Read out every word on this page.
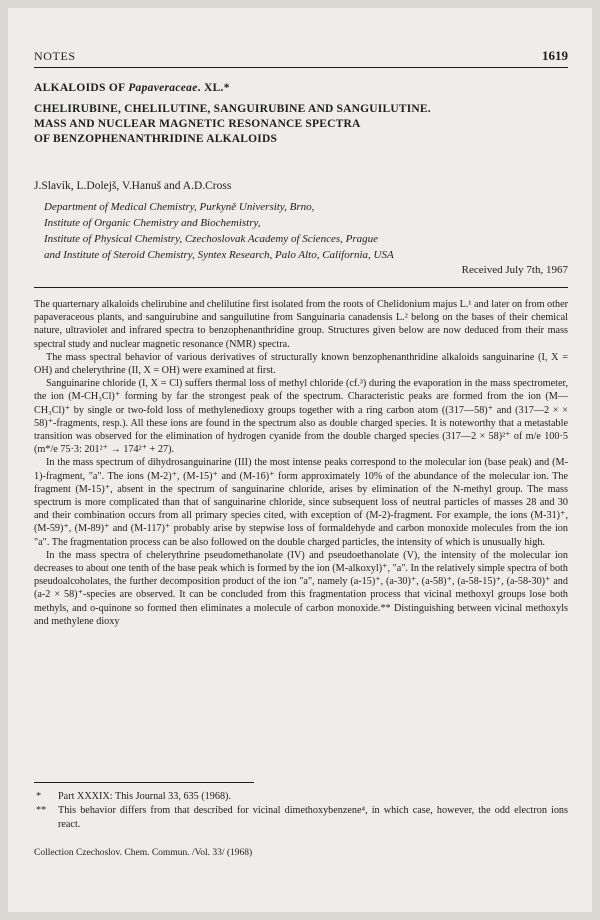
NOTES	1619

ALKALOIDS OF Papaveraceae. XL.*

CHELIRUBINE, CHELILUTINE, SANGUIRUBINE AND SANGUILUTINE.

MASS AND NUCLEAR MAGNETIC RESONANCE SPECTRA

OF BENZOPHENANTHRIDINE ALKALOIDS

J.Slavík, L.Dolejš, V.Hanuš and A.D.Cross
Department of Medical Chemistry, Purkyně University, Brno,
Institute of Organic Chemistry and Biochemistry,
Institute of Physical Chemistry, Czechoslovak Academy of Sciences, Prague
and Institute of Steroid Chemistry, Syntex Research, Palo Alto, California, USA
Received July 7th, 1967

The quarternary alkaloids chelirubine and chelilutine first isolated from the roots of Chelidonium majus L.¹ and later on from other papaveraceous plants, and sanguirubine and sanguilutine from Sanguinaria canadensis L.² belong on the bases of their chemical nature, ultraviolet and infrared spectra to benzophenanthridine group. Structures given below are now deduced from their mass spectral study and nuclear magnetic resonance (NMR) spectra.

The mass spectral behavior of various derivatives of structurally known benzophenanthridine alkaloids sanguinarine (I, X = OH) and chelerythrine (II, X = OH) were examined at first.

Sanguinarine chloride (I, X = Cl) suffers thermal loss of methyl chloride (cf.³) during the evaporation in the mass spectrometer, the ion (M-CH₃Cl)⁺ forming by far the strongest peak of the spectrum. Characteristic peaks are formed from the ion (M—CH₃Cl)⁺ by single or two-fold loss of methylenedioxy groups together with a ring carbon atom ((317—58)⁺ and (317—2 × × 58)⁺-fragments, resp.). All these ions are found in the spectrum also as double charged species. It is noteworthy that a metastable transition was observed for the elimination of hydrogen cyanide from the double charged species (317—2 × 58)²⁺ of m/e 100·5 (m*/e 75·3: 201²⁺ → 174²⁺ + 27).

In the mass spectrum of dihydrosanguinarine (III) the most intense peaks correspond to the molecular ion (base peak) and (M-1)-fragment, "a". The ions (M-2)⁺, (M-15)⁺ and (M-16)⁺ form approximately 10% of the abundance of the molecular ion. The fragment (M-15)⁺, absent in the spectrum of sanguinarine chloride, arises by elimination of the N-methyl group. The mass spectrum is more complicated than that of sanguinarine chloride, since subsequent loss of neutral particles of masses 28 and 30 and their combination occurs from all primary species cited, with exception of (M-2)-fragment. For example, the ions (M-31)⁺, (M-59)⁺, (M-89)⁺ and (M-117)⁺ probably arise by stepwise loss of formaldehyde and carbon monoxide molecules from the ion "a". The fragmentation process can be also followed on the double charged particles, the intensity of which is unusually high.

In the mass spectra of chelerythrine pseudomethanolate (IV) and pseudoethanolate (V), the intensity of the molecular ion decreases to about one tenth of the base peak which is formed by the ion (M-alkoxyl)⁺, "a". In the relatively simple spectra of both pseudoalcoholates, the further decomposition product of the ion "a", namely (a-15)⁺, (a-30)⁺, (a-58)⁺, (a-58-15)⁺, (a-58-30)⁺ and (a-2 × 58)⁺-species are observed. It can be concluded from this fragmentation process that vicinal methoxyl groups lose both methyls, and o-quinone so formed then eliminates a molecule of carbon monoxide.** Distinguishing between vicinal methoxyls and methylene dioxy

* Part XXXIX: This Journal 33, 635 (1968).
** This behavior differs from that described for vicinal dimethoxybenzene⁴, in which case, however, the odd electron ions react.
Collection Czechoslov. Chem. Commun. /Vol. 33/ (1968)
